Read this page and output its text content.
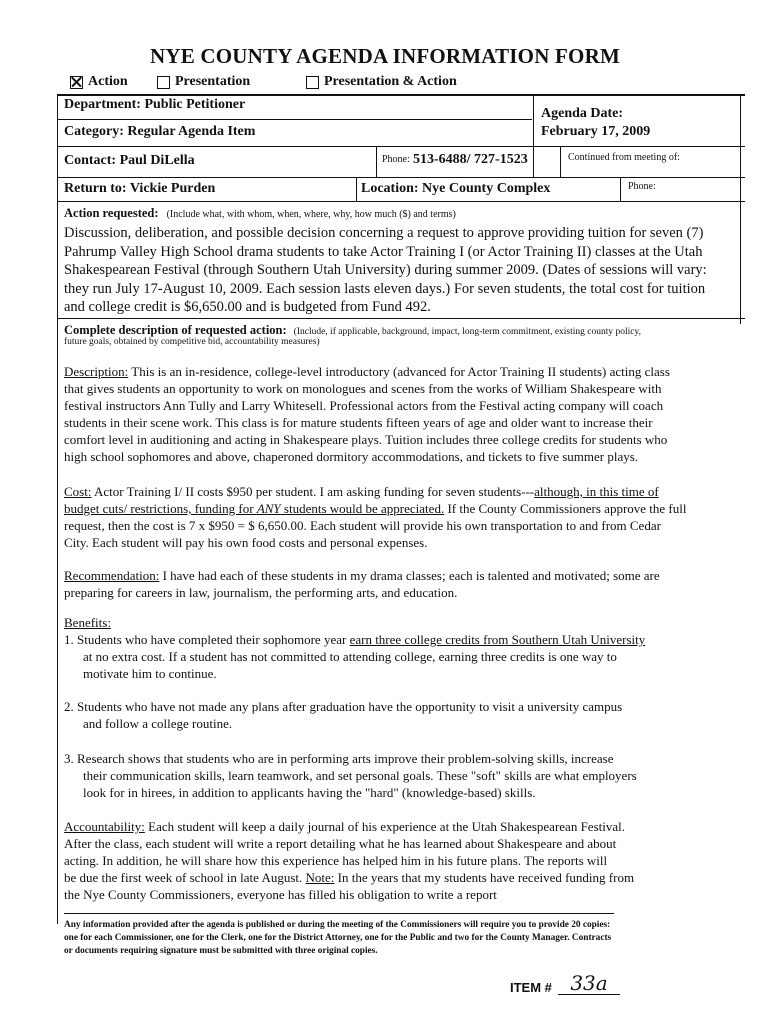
NYE COUNTY AGENDA INFORMATION FORM
Action	Presentation	Presentation & Action
Department: Public Petitioner
Category: Regular Agenda Item
Agenda Date:
February 17, 2009
Contact: Paul DiLella	Phone: 513-6488/ 727-1523	Continued from meeting of:
Return to: Vickie Purden	Location: Nye County Complex	Phone:
Action requested: (Include what, with whom, when, where, why, how much ($) and terms)
Discussion, deliberation, and possible decision concerning a request to approve providing tuition for seven (7)
Pahrump Valley High School drama students to take Actor Training I (or Actor Training II) classes at the Utah
Shakespearean Festival (through Southern Utah University) during summer 2009. (Dates of sessions will vary:
they run July 17-August 10, 2009. Each session lasts eleven days.) For seven students, the total cost for tuition
and college credit is $6,650.00 and is budgeted from Fund 492.
Complete description of requested action: (Include, if applicable, background, impact, long-term commitment, existing county policy,
future goals, obtained by competitive bid, accountability measures)
Description: This is an in-residence, college-level introductory (advanced for Actor Training II students) acting class
that gives students an opportunity to work on monologues and scenes from the works of William Shakespeare with
festival instructors Ann Tully and Larry Whitesell. Professional actors from the Festival acting company will coach
students in their scene work. This class is for mature students fifteen years of age and older want to increase their
comfort level in auditioning and acting in Shakespeare plays. Tuition includes three college credits for students who
high school sophomores and above, chaperoned dormitory accommodations, and tickets to five summer plays.
Cost: Actor Training I/ II costs $950 per student. I am asking funding for seven students---although, in this time of
budget cuts/ restrictions, funding for ANY students would be appreciated. If the County Commissioners approve the full
request, then the cost is 7 x $950 = $ 6,650.00. Each student will provide his own transportation to and from Cedar
City. Each student will pay his own food costs and personal expenses.
Recommendation: I have had each of these students in my drama classes; each is talented and motivated; some are
preparing for careers in law, journalism, the performing arts, and education.
Benefits:
1. Students who have completed their sophomore year earn three college credits from Southern Utah University
at no extra cost. If a student has not committed to attending college, earning three credits is one way to
motivate him to continue.
2. Students who have not made any plans after graduation have the opportunity to visit a university campus
and follow a college routine.
3. Research shows that students who are in performing arts improve their problem-solving skills, increase
their communication skills, learn teamwork, and set personal goals. These "soft" skills are what employers
look for in hirees, in addition to applicants having the "hard" (knowledge-based) skills.
Accountability: Each student will keep a daily journal of his experience at the Utah Shakespearean Festival.
After the class, each student will write a report detailing what he has learned about Shakespeare and about
acting. In addition, he will share how this experience has helped him in his future plans. The reports will
be due the first week of school in late August. Note: In the years that my students have received funding from
the Nye County Commissioners, everyone has filled his obligation to write a report
Any information provided after the agenda is published or during the meeting of the Commissioners will require you to provide 20 copies:
one for each Commissioner, one for the Clerk, one for the District Attorney, one for the Public and two for the County Manager. Contracts
or documents requiring signature must be submitted with three original copies.
ITEM # 33a
